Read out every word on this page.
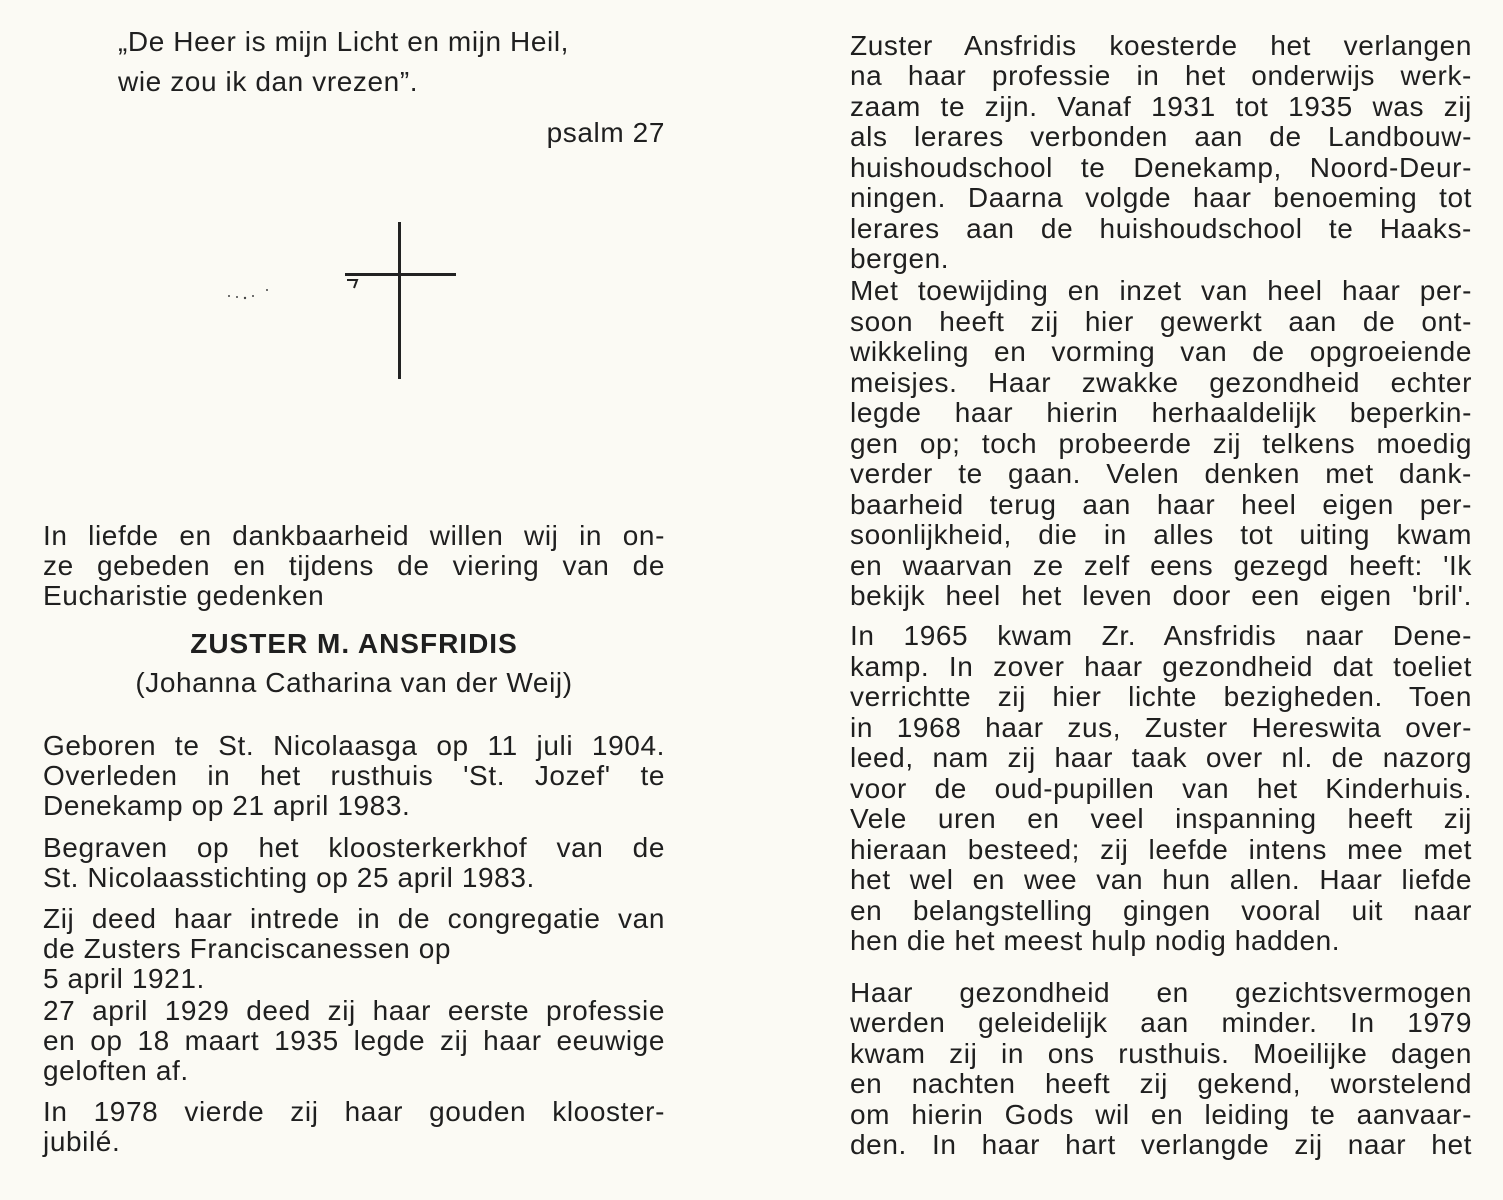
„De Heer is mijn Licht en mijn Heil,
wie zou ik dan vrezen”.
psalm 27
In liefde en dankbaarheid willen wij in on-
ze gebeden en tijdens de viering van de
Eucharistie gedenken
ZUSTER M. ANSFRIDIS
(Johanna Catharina van der Weij)
Geboren te St. Nicolaasga op 11 juli 1904.
Overleden in het rusthuis 'St. Jozef' te
Denekamp op 21 april 1983.
Begraven op het kloosterkerkhof van de
St. Nicolaasstichting op 25 april 1983.
Zij deed haar intrede in de congregatie van
de Zusters Franciscanessen op
5 april 1921.
27 april 1929 deed zij haar eerste professie
en op 18 maart 1935 legde zij haar eeuwige
geloften af.
In 1978 vierde zij haar gouden klooster-
jubilé.
Zuster Ansfridis koesterde het verlangen
na haar professie in het onderwijs werk-
zaam te zijn. Vanaf 1931 tot 1935 was zij
als lerares verbonden aan de Landbouw-
huishoudschool te Denekamp, Noord-Deur-
ningen. Daarna volgde haar benoeming tot
lerares aan de huishoudschool te Haaks-
bergen.
Met toewijding en inzet van heel haar per-
soon heeft zij hier gewerkt aan de ont-
wikkeling en vorming van de opgroeiende
meisjes. Haar zwakke gezondheid echter
legde haar hierin herhaaldelijk beperkin-
gen op; toch probeerde zij telkens moedig
verder te gaan. Velen denken met dank-
baarheid terug aan haar heel eigen per-
soonlijkheid, die in alles tot uiting kwam
en waarvan ze zelf eens gezegd heeft: 'Ik
bekijk heel het leven door een eigen 'bril'.
In 1965 kwam Zr. Ansfridis naar Dene-
kamp. In zover haar gezondheid dat toeliet
verrichtte zij hier lichte bezigheden. Toen
in 1968 haar zus, Zuster Hereswita over-
leed, nam zij haar taak over nl. de nazorg
voor de oud-pupillen van het Kinderhuis.
Vele uren en veel inspanning heeft zij
hieraan besteed; zij leefde intens mee met
het wel en wee van hun allen. Haar liefde
en belangstelling gingen vooral uit naar
hen die het meest hulp nodig hadden.
Haar gezondheid en gezichtsvermogen
werden geleidelijk aan minder. In 1979
kwam zij in ons rusthuis. Moeilijke dagen
en nachten heeft zij gekend, worstelend
om hierin Gods wil en leiding te aanvaar-
den. In haar hart verlangde zij naar het
